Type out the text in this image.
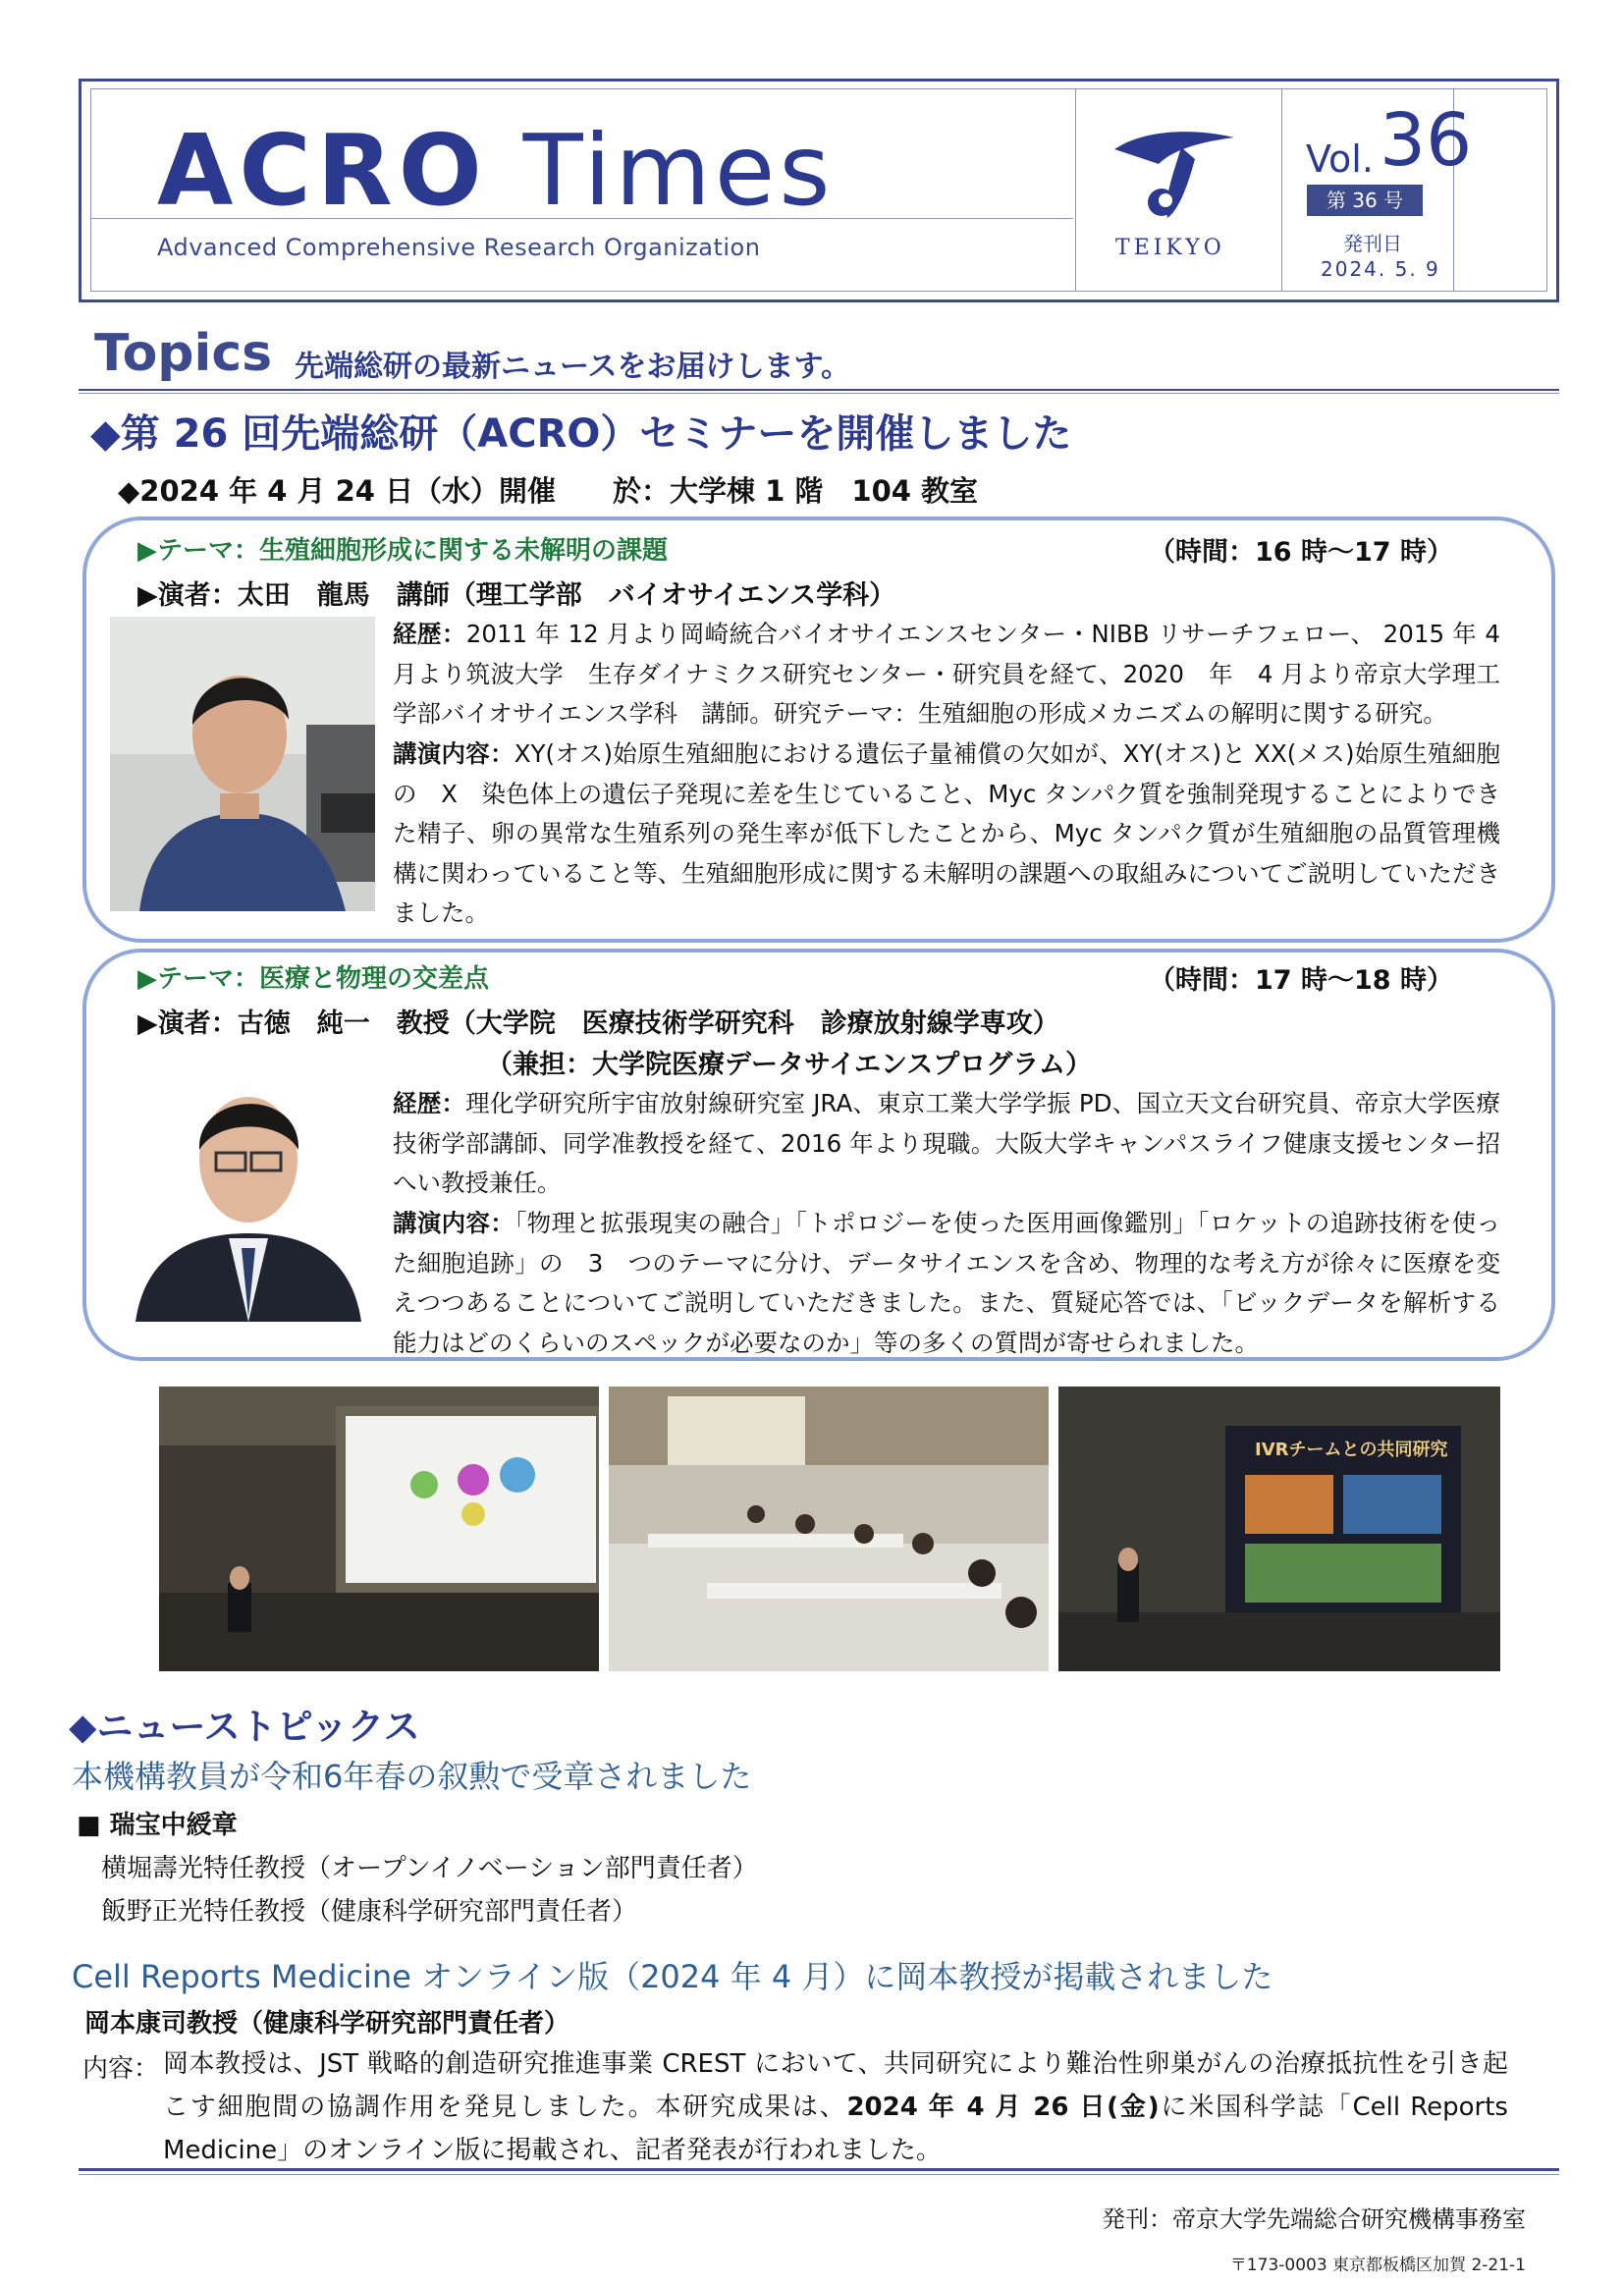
ACRO Times
Advanced Comprehensive Research Organization	TEIKYO
Vol. 36
第 36 号
発刊日
2024. 5. 9
Topics 先端総研の最新ニュースをお届けします。
◆第 26 回先端総研（ACRO）セミナーを開催しました
◆2024 年 4 月 24 日（水）開催　　於：大学棟 1 階　104 教室
▶テーマ：生殖細胞形成に関する未解明の課題	（時間：16 時～17 時）
▶演者：太田　龍馬　講師（理工学部　バイオサイエンス学科）
経歴：2011 年 12 月より岡崎統合バイオサイエンスセンター・NIBB リサーチフェロー、 2015 年 4 月より筑波大学　生存ダイナミクス研究センター・研究員を経て、2020　年　4 月より帝京大学理工学部バイオサイエンス学科　講師。研究テーマ：生殖細胞の形成メカニズムの解明に関する研究。
講演内容：XY(オス)始原生殖細胞における遺伝子量補償の欠如が、XY(オス)と XX(メス)始原生殖細胞の　X　染色体上の遺伝子発現に差を生じていること、Myc タンパク質を強制発現することによりできた精子、卵の異常な生殖系列の発生率が低下したことから、Myc タンパク質が生殖細胞の品質管理機構に関わっていること等、生殖細胞形成に関する未解明の課題への取組みについてご説明していただきました。
▶テーマ：医療と物理の交差点	（時間：17 時～18 時）
▶演者：古徳　純一　教授（大学院　医療技術学研究科　診療放射線学専攻）
（兼担：大学院医療データサイエンスプログラム）
経歴：理化学研究所宇宙放射線研究室 JRA、東京工業大学学振 PD、国立天文台研究員、帝京大学医療技術学部講師、同学准教授を経て、2016 年より現職。大阪大学キャンパスライフ健康支援センター招へい教授兼任。
講演内容：「物理と拡張現実の融合」「トポロジーを使った医用画像鑑別」「ロケットの追跡技術を使った細胞追跡」の　3　つのテーマに分け、データサイエンスを含め、物理的な考え方が徐々に医療を変えつつあることについてご説明していただきました。また、質疑応答では、「ビックデータを解析する能力はどのくらいのスペックが必要なのか」等の多くの質問が寄せられました。
IVRチームとの共同研究
◆ニューストピックス
本機構教員が令和6年春の叙勲で受章されました
■ 瑞宝中綬章
横堀壽光特任教授（オープンイノベーション部門責任者）
飯野正光特任教授（健康科学研究部門責任者）
Cell Reports Medicine オンライン版（2024 年 4 月）に岡本教授が掲載されました
岡本康司教授（健康科学研究部門責任者）
内容： 岡本教授は、JST 戦略的創造研究推進事業 CREST において、共同研究により難治性卵巣がんの治療抵抗性を引き起こす細胞間の協調作用を発見しました。本研究成果は、2024 年 4 月 26 日(金)に米国科学誌「Cell Reports Medicine」のオンライン版に掲載され、記者発表が行われました。
発刊：帝京大学先端総合研究機構事務室
〒173-0003 東京都板橋区加賀 2-21-1
